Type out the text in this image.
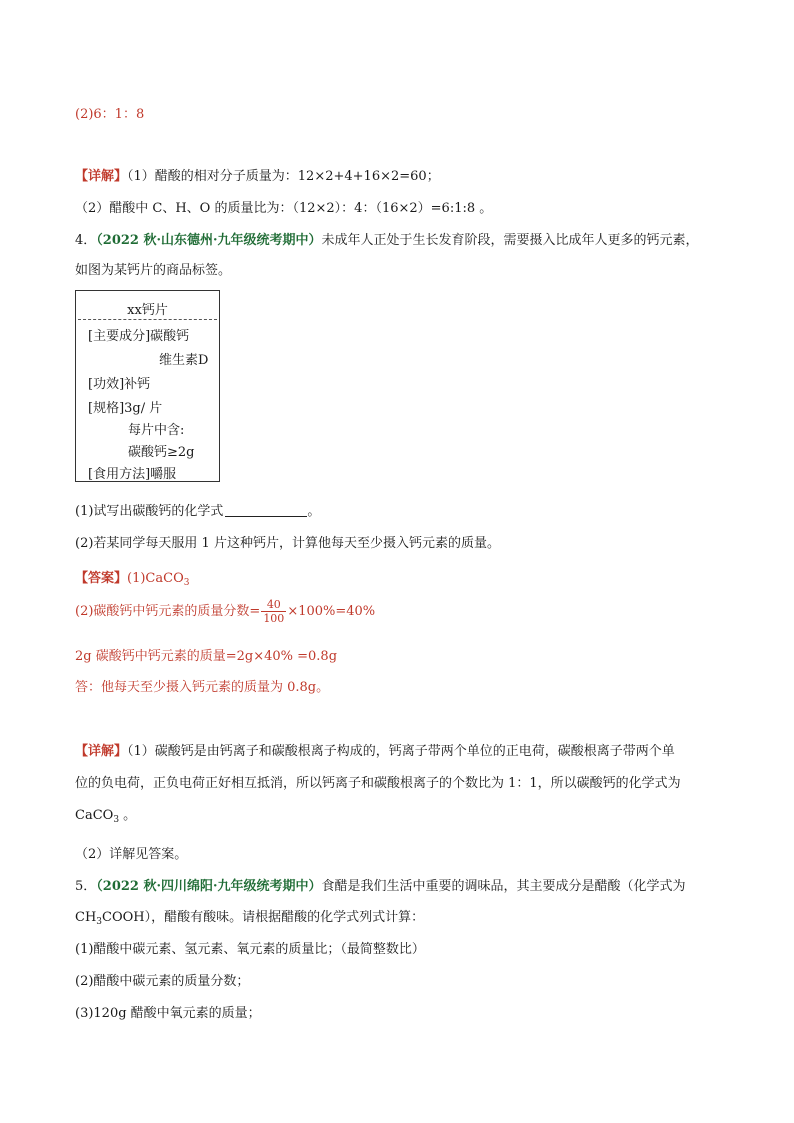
(2)6：1：8
【详解】（1）醋酸的相对分子质量为：12×2+4+16×2=60；
（2）醋酸中 C、H、O 的质量比为：（12×2）：4：（16×2）=6:1:8 。
4．（2022 秋·山东德州·九年级统考期中）未成年人正处于生长发育阶段，需要摄入比成年人更多的钙元素，
如图为某钙片的商品标签。
xx钙片
[主要成分]碳酸钙
维生素D
[功效]补钙
[规格]3g/ 片
每片中含:
碳酸钙≥2g
[食用方法]嚼服
(1)试写出碳酸钙的化学式	。
(2)若某同学每天服用 1 片这种钙片，计算他每天至少摄入钙元素的质量。
【答案】(1)CaCO$_3$
(2)碳酸钙中钙元素的质量分数= $\frac{40}{100} \times 100\%=40\%$
2g 碳酸钙中钙元素的质量=2g×40% =0.8g
答：他每天至少摄入钙元素的质量为 0.8g。
【详解】（1）碳酸钙是由钙离子和碳酸根离子构成的，钙离子带两个单位的正电荷，碳酸根离子带两个单
位的负电荷，正负电荷正好相互抵消，所以钙离子和碳酸根离子的个数比为 1：1，所以碳酸钙的化学式为
CaCO$_3$ 。
（2）详解见答案。
5．（2022 秋·四川绵阳·九年级统考期中）食醋是我们生活中重要的调味品，其主要成分是醋酸（化学式为
$CH_3COOH$），醋酸有酸味。请根据醋酸的化学式列式计算：
(1)醋酸中碳元素、氢元素、氧元素的质量比；（最简整数比）
(2)醋酸中碳元素的质量分数；
(3)120g 醋酸中氧元素的质量；
